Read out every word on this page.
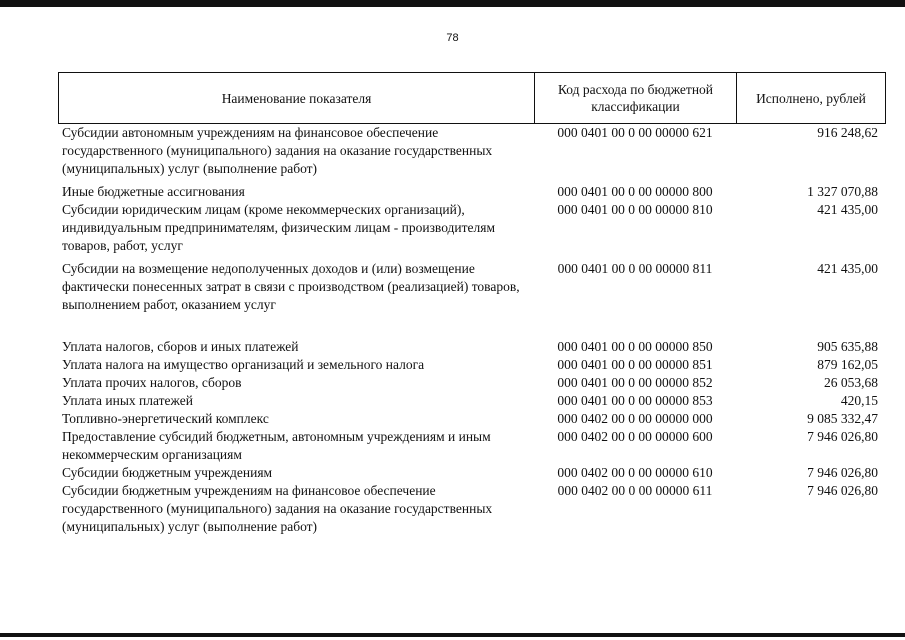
78
Наименование показателя
Код расхода по бюджетной классификации
Исполнено, рублей
Субсидии автономным учреждениям на финансовое обеспечение государственного (муниципального) задания на оказание государственных (муниципальных) услуг (выполнение работ)
000 0401 00 0 00 00000 621	916 248,62
Иные бюджетные ассигнования	000 0401 00 0 00 00000 800	1 327 070,88
Субсидии юридическим лицам (кроме некоммерческих организаций), индивидуальным предпринимателям, физическим лицам - производителям товаров, работ, услуг
000 0401 00 0 00 00000 810	421 435,00
Субсидии на возмещение недополученных доходов и (или) возмещение фактически понесенных затрат в связи с производством (реализацией) товаров, выполнением работ, оказанием услуг
000 0401 00 0 00 00000 811	421 435,00
Уплата налогов, сборов и иных платежей	000 0401 00 0 00 00000 850	905 635,88
Уплата налога на имущество организаций и земельного налога	000 0401 00 0 00 00000 851	879 162,05
Уплата прочих налогов, сборов	000 0401 00 0 00 00000 852	26 053,68
Уплата иных платежей	000 0401 00 0 00 00000 853	420,15
Топливно-энергетический комплекс	000 0402 00 0 00 00000 000	9 085 332,47
Предоставление субсидий бюджетным, автономным учреждениям и иным некоммерческим организациям
000 0402 00 0 00 00000 600	7 946 026,80
Субсидии бюджетным учреждениям	000 0402 00 0 00 00000 610	7 946 026,80
Субсидии бюджетным учреждениям на финансовое обеспечение государственного (муниципального) задания на оказание государственных (муниципальных) услуг (выполнение работ)
000 0402 00 0 00 00000 611	7 946 026,80
